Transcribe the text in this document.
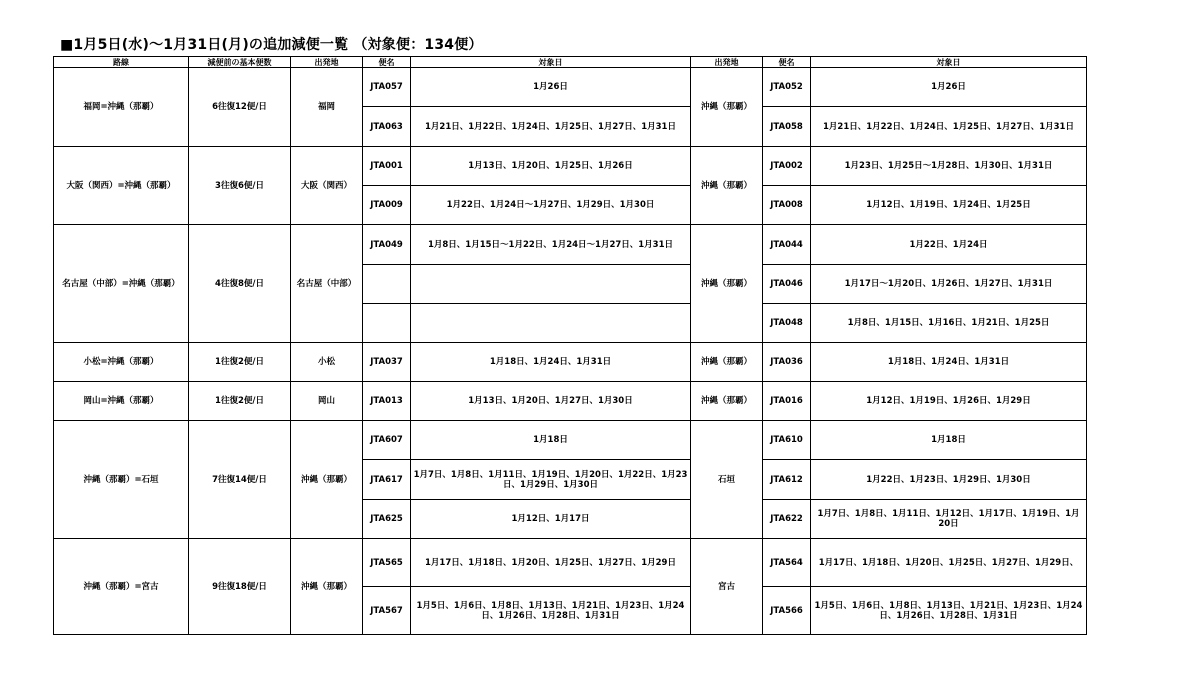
■1月5日(水)～1月31日(月)の追加減便一覧 （対象便：134便）
路線	減便前の基本便数	出発地	便名	対象日	出発地	便名	対象日
福岡=沖縄（那覇）	6往復12便/日	福岡	JTA057	1月26日	沖縄（那覇）	JTA052	1月26日
			JTA063	1月21日、1月22日、1月24日、1月25日、1月27日、1月31日		JTA058	1月21日、1月22日、1月24日、1月25日、1月27日、1月31日
大阪（関西）=沖縄（那覇）	3往復6便/日	大阪（関西）	JTA001	1月13日、1月20日、1月25日、1月26日	沖縄（那覇）	JTA002	1月23日、1月25日～1月28日、1月30日、1月31日
			JTA009	1月22日、1月24日～1月27日、1月29日、1月30日		JTA008	1月12日、1月19日、1月24日、1月25日
名古屋（中部）=沖縄（那覇）	4往復8便/日	名古屋（中部）	JTA049	1月8日、1月15日～1月22日、1月24日～1月27日、1月31日	沖縄（那覇）	JTA044	1月22日、1月24日
						JTA046	1月17日～1月20日、1月26日、1月27日、1月31日
						JTA048	1月8日、1月15日、1月16日、1月21日、1月25日
小松=沖縄（那覇）	1往復2便/日	小松	JTA037	1月18日、1月24日、1月31日	沖縄（那覇）	JTA036	1月18日、1月24日、1月31日
岡山=沖縄（那覇）	1往復2便/日	岡山	JTA013	1月13日、1月20日、1月27日、1月30日	沖縄（那覇）	JTA016	1月12日、1月19日、1月26日、1月29日
沖縄（那覇）=石垣	7往復14便/日	沖縄（那覇）	JTA607	1月18日	石垣	JTA610	1月18日
			JTA617	1月7日、1月8日、1月11日、1月19日、1月20日、1月22日、1月23日、1月29日、1月30日		JTA612	1月22日、1月23日、1月29日、1月30日
			JTA625	1月12日、1月17日		JTA622	1月7日、1月8日、1月11日、1月12日、1月17日、1月19日、1月20日
沖縄（那覇）=宮古	9往復18便/日	沖縄（那覇）	JTA565	1月17日、1月18日、1月20日、1月25日、1月27日、1月29日	宮古	JTA564	1月17日、1月18日、1月20日、1月25日、1月27日、1月29日、
			JTA567	1月5日、1月6日、1月8日、1月13日、1月21日、1月23日、1月24日、1月26日、1月28日、1月31日		JTA566	1月5日、1月6日、1月8日、1月13日、1月21日、1月23日、1月24日、1月26日、1月28日、1月31日
